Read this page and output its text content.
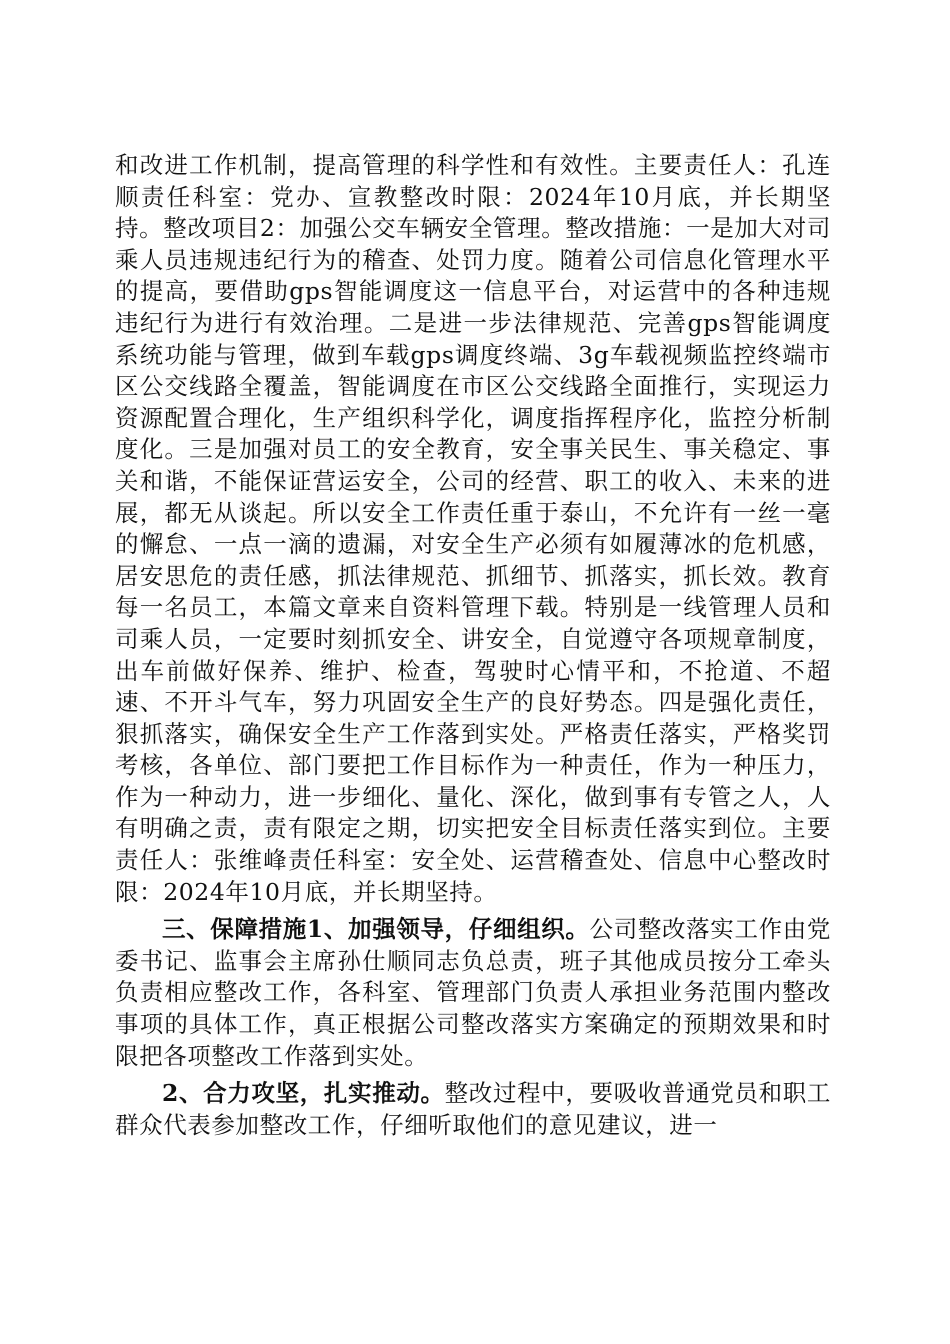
和改进工作机制，提高管理的科学性和有效性。主要责任人：孔连顺责任科室：党办、宣教整改时限：2024年10月底，并长期坚持。整改项目2：加强公交车辆安全管理。整改措施：一是加大对司乘人员违规违纪行为的稽查、处罚力度。随着公司信息化管理水平的提高，要借助gps智能调度这一信息平台，对运营中的各种违规违纪行为进行有效治理。二是进一步法律规范、完善gps智能调度系统功能与管理，做到车载gps调度终端、3g车载视频监控终端市区公交线路全覆盖，智能调度在市区公交线路全面推行，实现运力资源配置合理化，生产组织科学化，调度指挥程序化，监控分析制度化。三是加强对员工的安全教育，安全事关民生、事关稳定、事关和谐，不能保证营运安全，公司的经营、职工的收入、未来的进展，都无从谈起。所以安全工作责任重于泰山，不允许有一丝一毫的懈怠、一点一滴的遗漏，对安全生产必须有如履薄冰的危机感，居安思危的责任感，抓法律规范、抓细节、抓落实，抓长效。教育每一名员工，本篇文章来自资料管理下载。特别是一线管理人员和司乘人员，一定要时刻抓安全、讲安全，自觉遵守各项规章制度，出车前做好保养、维护、检查，驾驶时心情平和，不抢道、不超速、不开斗气车，努力巩固安全生产的良好势态。四是强化责任，狠抓落实，确保安全生产工作落到实处。严格责任落实，严格奖罚考核，各单位、部门要把工作目标作为一种责任，作为一种压力，作为一种动力，进一步细化、量化、深化，做到事有专管之人，人有明确之责，责有限定之期，切实把安全目标责任落实到位。主要责任人：张维峰责任科室：安全处、运营稽查处、信息中心整改时限：2024年10月底，并长期坚持。

三、保障措施1、加强领导，仔细组织。公司整改落实工作由党委书记、监事会主席孙仕顺同志负总责，班子其他成员按分工牵头负责相应整改工作，各科室、管理部门负责人承担业务范围内整改事项的具体工作，真正根据公司整改落实方案确定的预期效果和时限把各项整改工作落到实处。

2、合力攻坚，扎实推动。整改过程中，要吸收普通党员和职工群众代表参加整改工作，仔细听取他们的意见建议，进一
